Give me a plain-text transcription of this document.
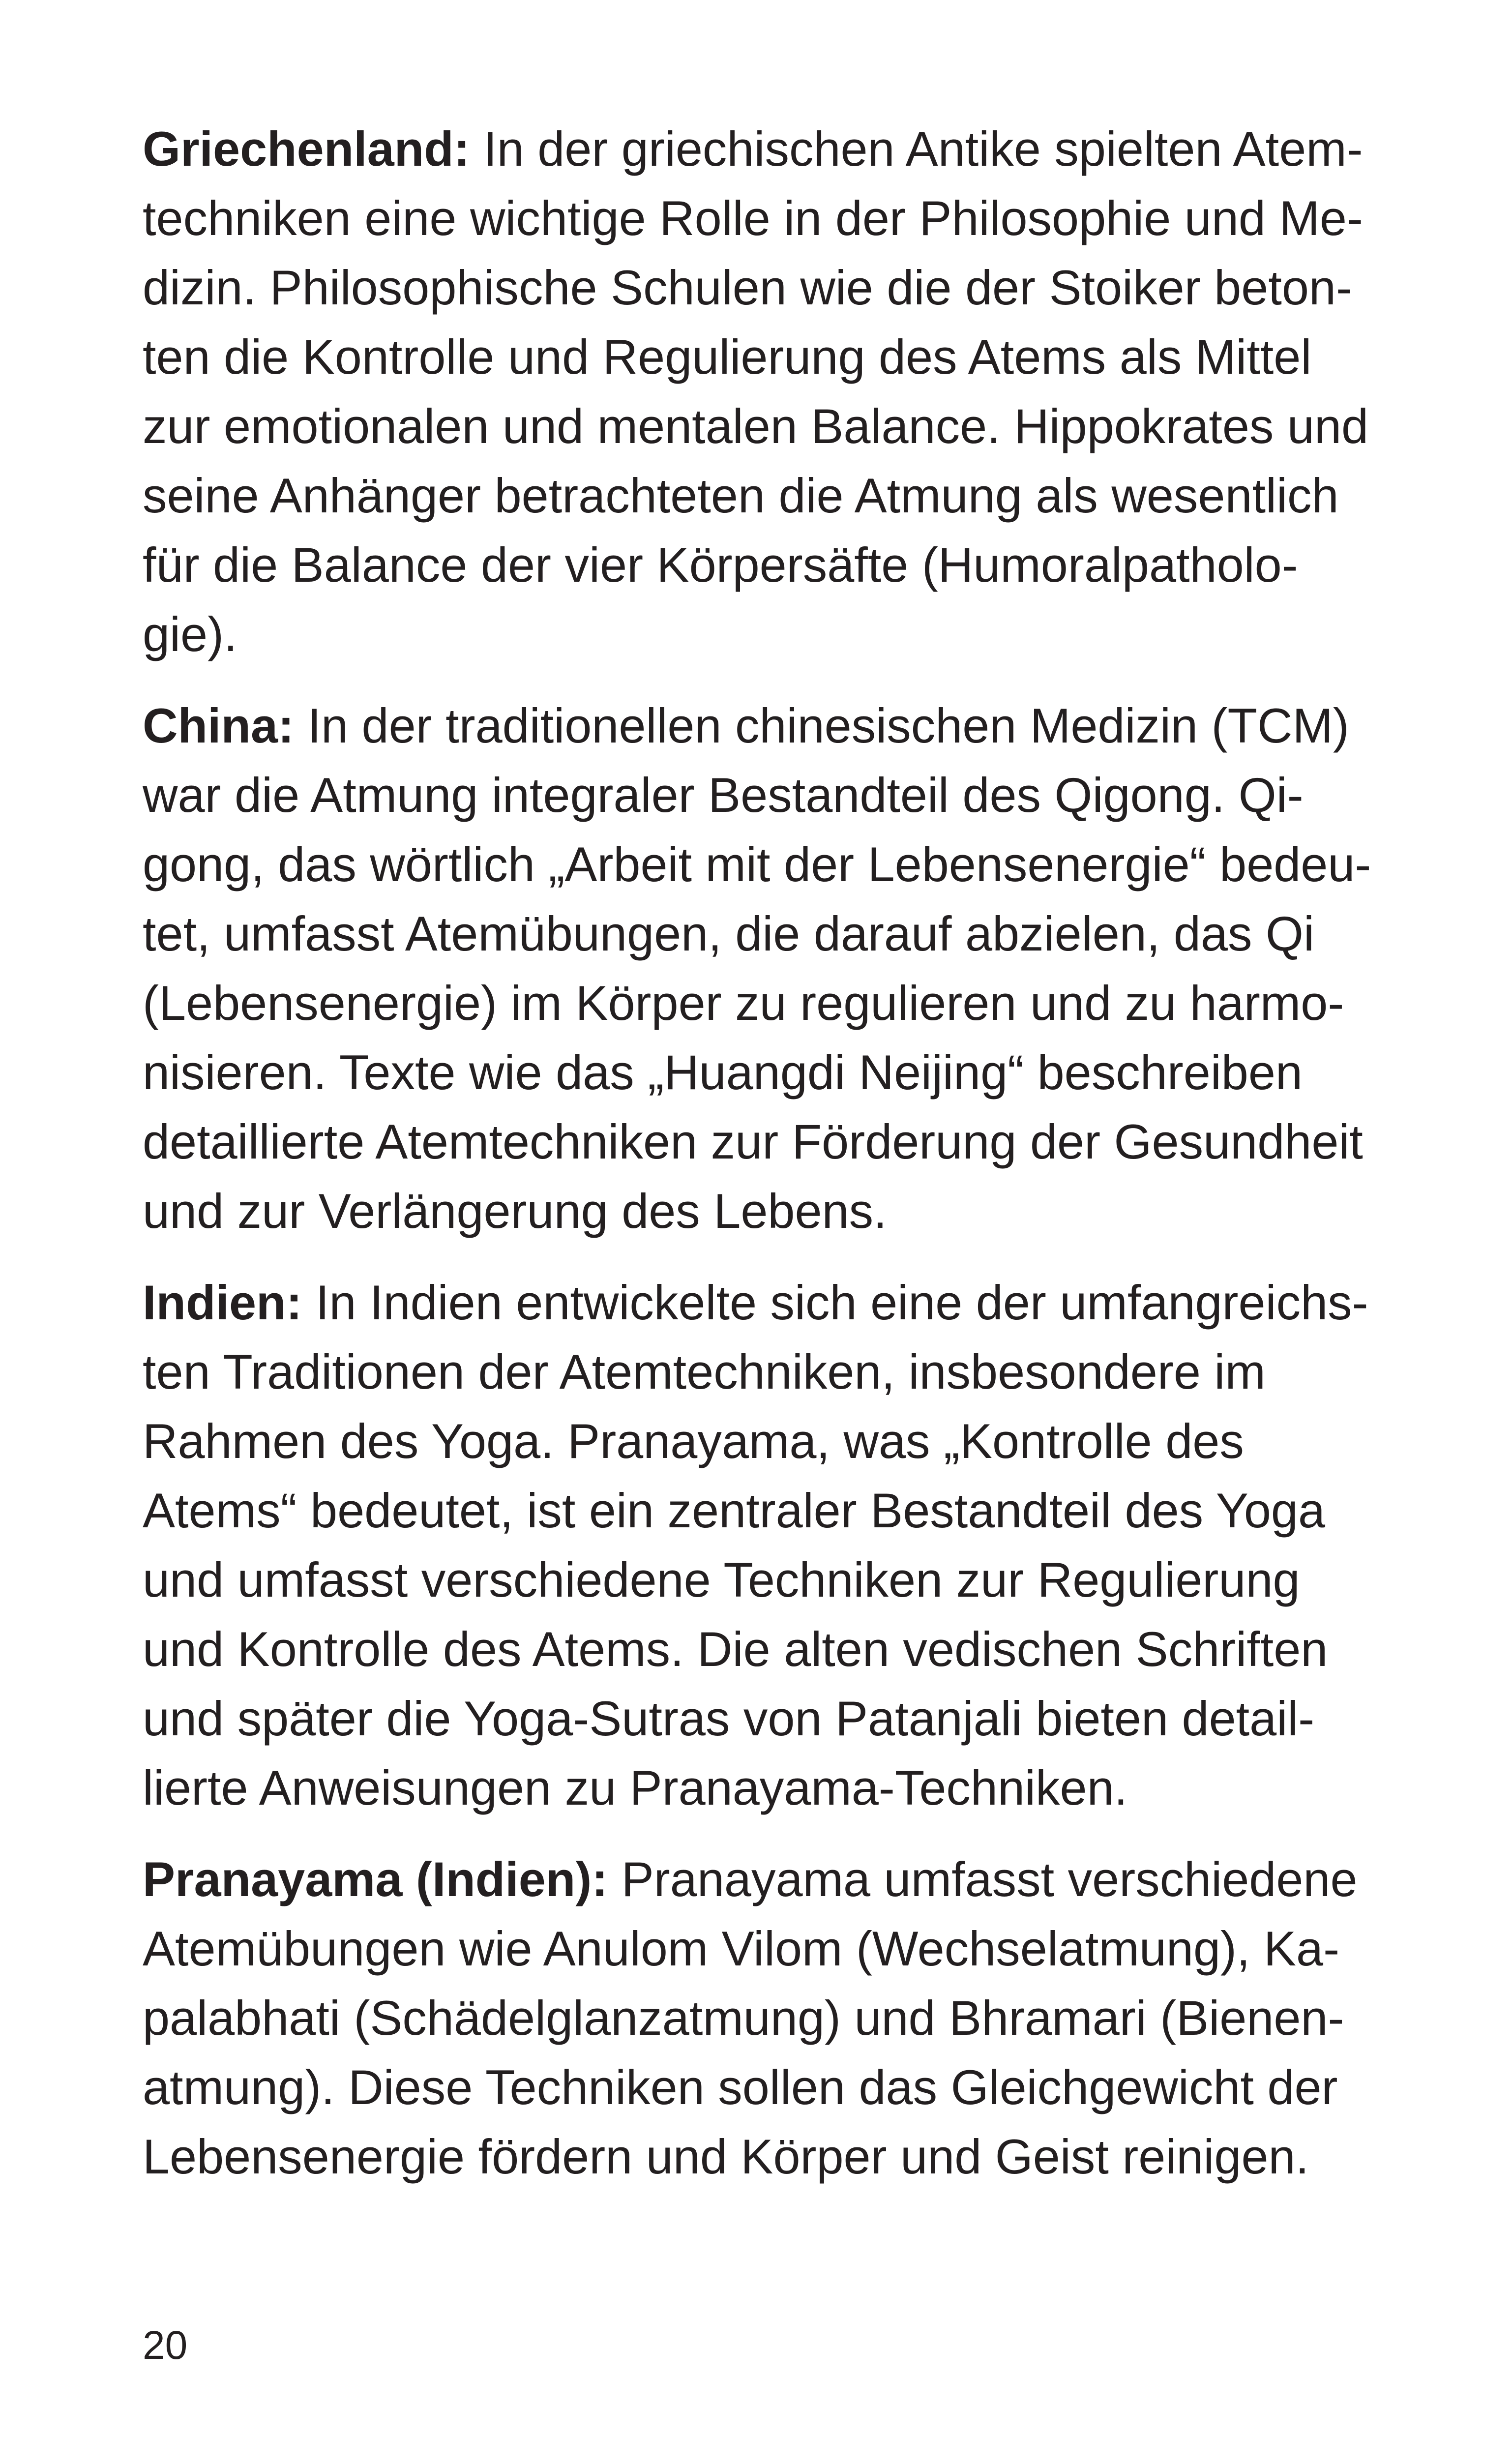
Griechenland: In der griechischen Antike spielten Atem-
techniken eine wichtige Rolle in der Philosophie und Me-
dizin. Philosophische Schulen wie die der Stoiker beton-
ten die Kontrolle und Regulierung des Atems als Mittel
zur emotionalen und mentalen Balance. Hippokrates und
seine Anhänger betrachteten die Atmung als wesentlich
für die Balance der vier Körpersäfte (Humoralpatholo-
gie).

China: In der traditionellen chinesischen Medizin (TCM)
war die Atmung integraler Bestandteil des Qigong. Qi-
gong, das wörtlich „Arbeit mit der Lebensenergie“ bedeu-
tet, umfasst Atemübungen, die darauf abzielen, das Qi
(Lebensenergie) im Körper zu regulieren und zu harmo-
nisieren. Texte wie das „Huangdi Neijing“ beschreiben
detaillierte Atemtechniken zur Förderung der Gesundheit
und zur Verlängerung des Lebens.

Indien: In Indien entwickelte sich eine der umfangreichs-
ten Traditionen der Atemtechniken, insbesondere im
Rahmen des Yoga. Pranayama, was „Kontrolle des
Atems“ bedeutet, ist ein zentraler Bestandteil des Yoga
und umfasst verschiedene Techniken zur Regulierung
und Kontrolle des Atems. Die alten vedischen Schriften
und später die Yoga-Sutras von Patanjali bieten detail-
lierte Anweisungen zu Pranayama-Techniken.

Pranayama (Indien): Pranayama umfasst verschiedene
Atemübungen wie Anulom Vilom (Wechselatmung), Ka-
palabhati (Schädelglanzatmung) und Bhramari (Bienen-
atmung). Diese Techniken sollen das Gleichgewicht der
Lebensenergie fördern und Körper und Geist reinigen.

20
